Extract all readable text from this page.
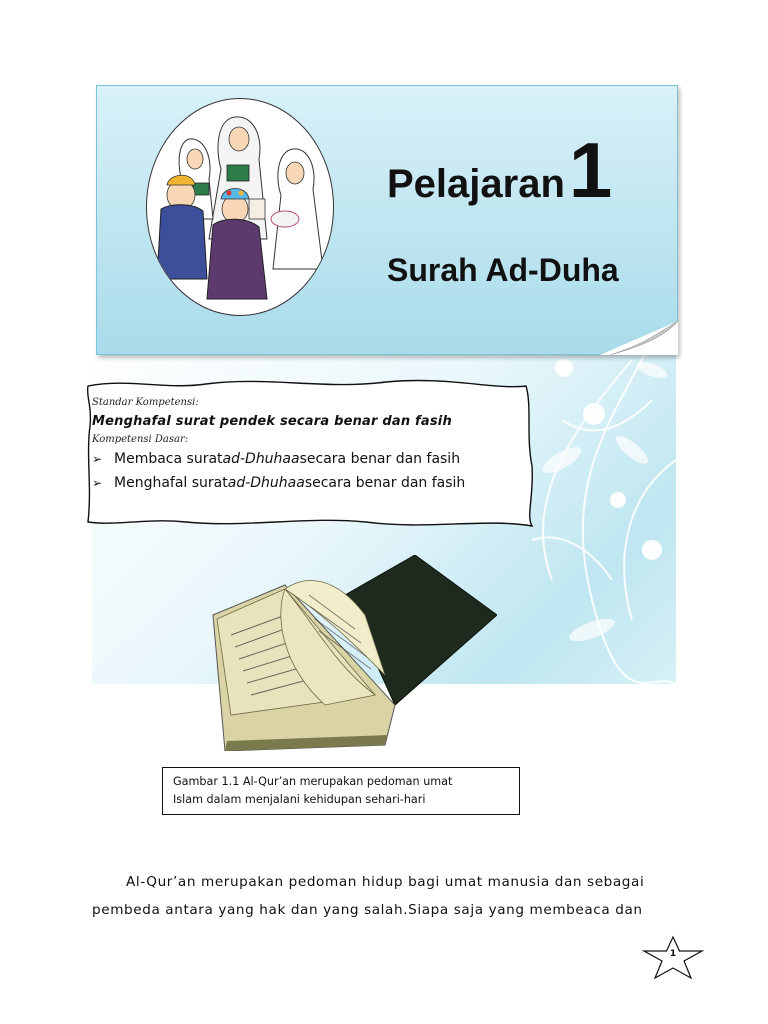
Pelajaran1
Surah Ad-Duha
Standar Kompetensi:
Menghafal surat pendek secara benar dan fasih
Kompetensi Dasar:
➢ Membaca surat ad-Dhuhaa secara benar dan fasih
➢ Menghafal surat ad-Dhuhaa secara benar dan fasih
Gambar 1.1 Al-Qur’an merupakan pedoman umat
Islam dalam menjalani kehidupan sehari-hari
Al-Qur’an merupakan pedoman hidup bagi umat manusia dan sebagai
pembeda antara yang hak dan yang salah.Siapa saja yang membeaca dan
1
